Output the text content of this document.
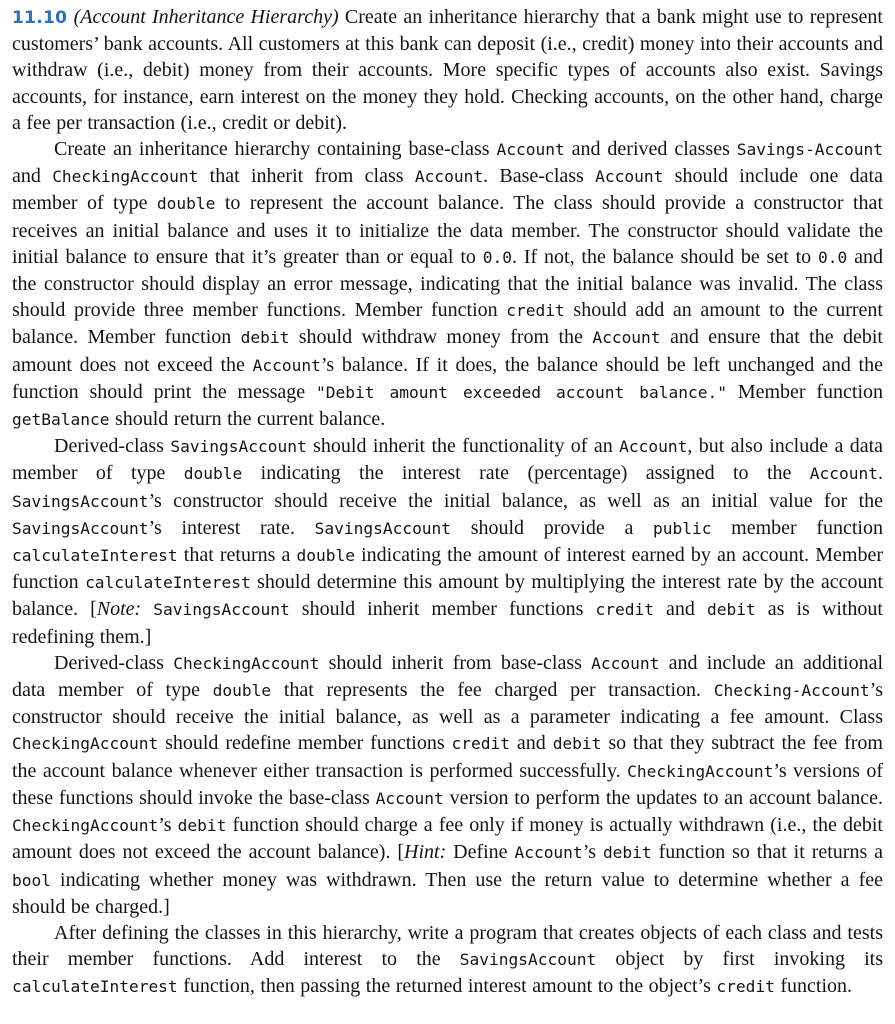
11.10 (Account Inheritance Hierarchy) Create an inheritance hierarchy that a bank might use to represent customers’ bank accounts. All customers at this bank can deposit (i.e., credit) money into their accounts and withdraw (i.e., debit) money from their accounts. More specific types of accounts also exist. Savings accounts, for instance, earn interest on the money they hold. Checking accounts, on the other hand, charge a fee per transaction (i.e., credit or debit).

Create an inheritance hierarchy containing base-class Account and derived classes Savings-Account and CheckingAccount that inherit from class Account. Base-class Account should include one data member of type double to represent the account balance. The class should provide a constructor that receives an initial balance and uses it to initialize the data member. The constructor should validate the initial balance to ensure that it’s greater than or equal to 0.0. If not, the balance should be set to 0.0 and the constructor should display an error message, indicating that the initial balance was invalid. The class should provide three member functions. Member function credit should add an amount to the current balance. Member function debit should withdraw money from the Account and ensure that the debit amount does not exceed the Account’s balance. If it does, the balance should be left unchanged and the function should print the message "Debit amount exceeded account balance." Member function getBalance should return the current balance.

Derived-class SavingsAccount should inherit the functionality of an Account, but also include a data member of type double indicating the interest rate (percentage) assigned to the Account. SavingsAccount’s constructor should receive the initial balance, as well as an initial value for the SavingsAccount’s interest rate. SavingsAccount should provide a public member function calculateInterest that returns a double indicating the amount of interest earned by an account. Member function calculateInterest should determine this amount by multiplying the interest rate by the account balance. [Note: SavingsAccount should inherit member functions credit and debit as is without redefining them.]

Derived-class CheckingAccount should inherit from base-class Account and include an additional data member of type double that represents the fee charged per transaction. Checking-Account’s constructor should receive the initial balance, as well as a parameter indicating a fee amount. Class CheckingAccount should redefine member functions credit and debit so that they subtract the fee from the account balance whenever either transaction is performed successfully. CheckingAccount’s versions of these functions should invoke the base-class Account version to perform the updates to an account balance. CheckingAccount’s debit function should charge a fee only if money is actually withdrawn (i.e., the debit amount does not exceed the account balance). [Hint: Define Account’s debit function so that it returns a bool indicating whether money was withdrawn. Then use the return value to determine whether a fee should be charged.]

After defining the classes in this hierarchy, write a program that creates objects of each class and tests their member functions. Add interest to the SavingsAccount object by first invoking its calculateInterest function, then passing the returned interest amount to the object’s credit function.
